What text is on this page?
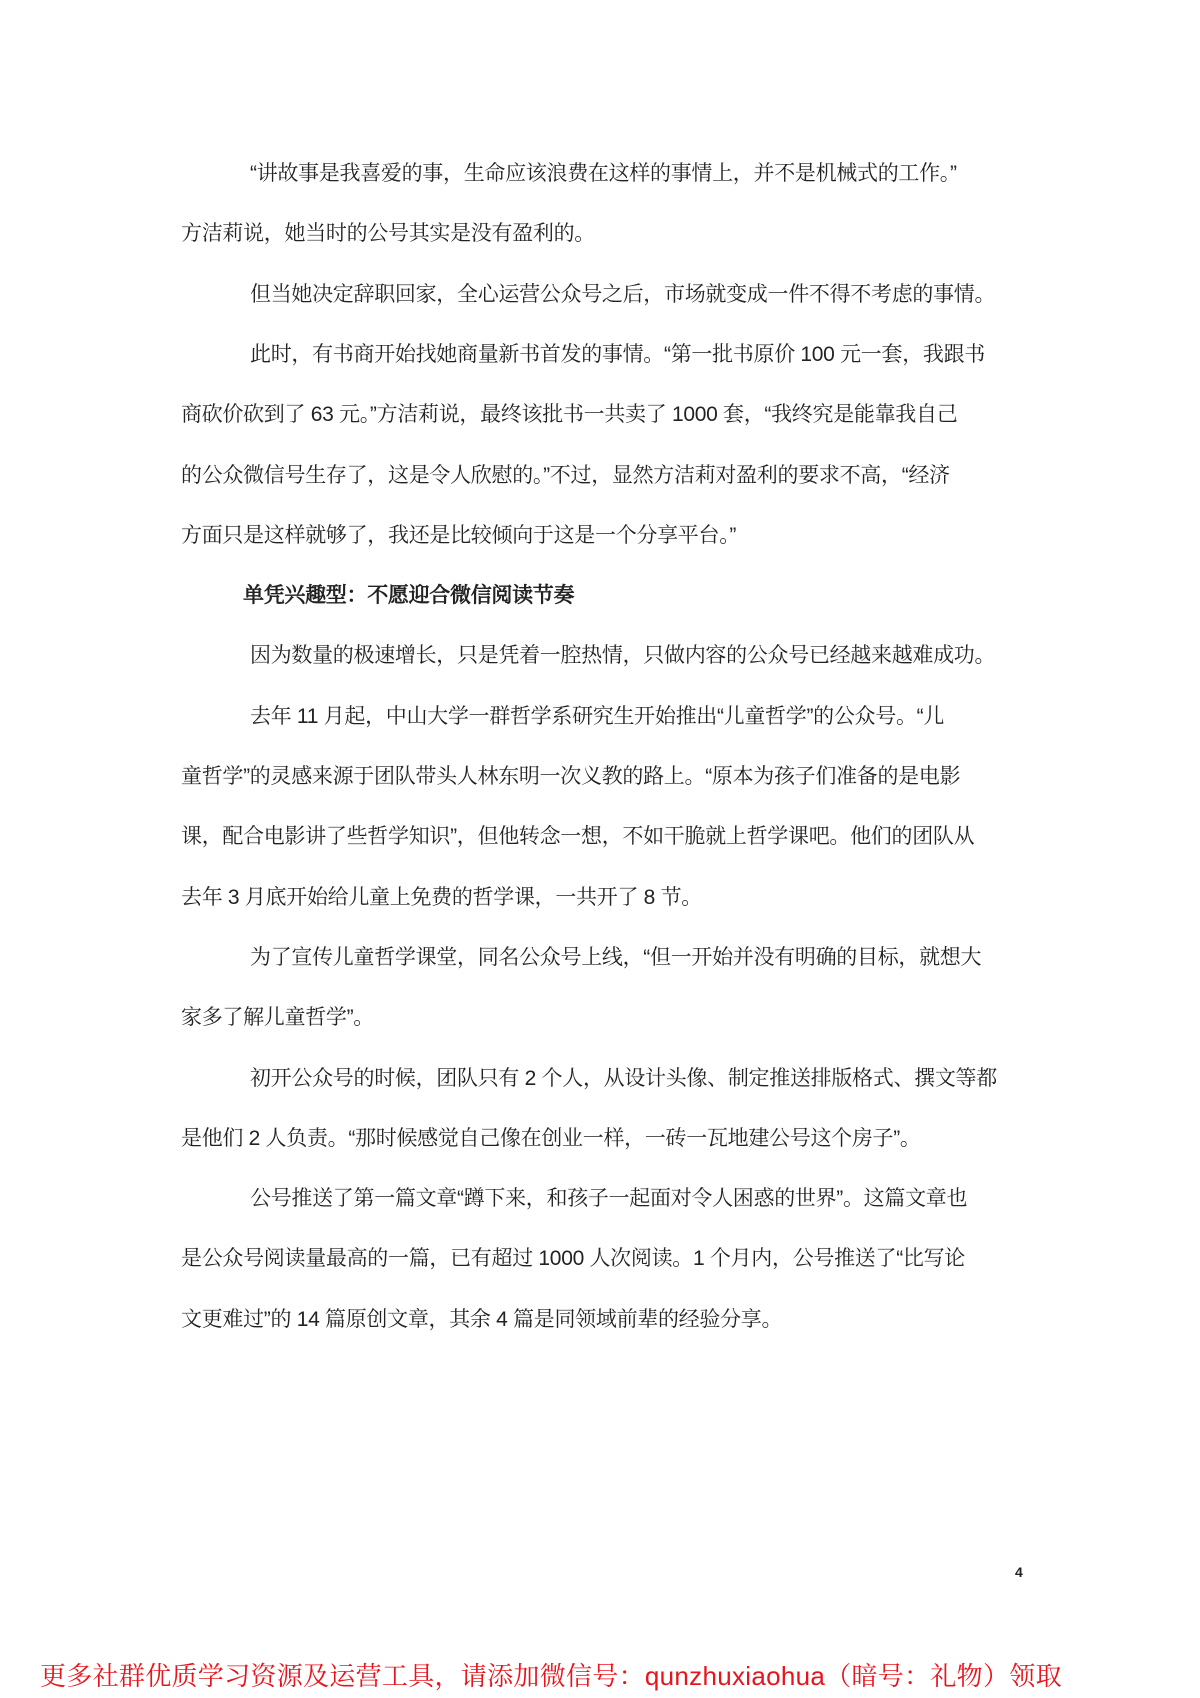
“讲故事是我喜爱的事，生命应该浪费在这样的事情上，并不是机械式的工作。”
方洁莉说，她当时的公号其实是没有盈利的。
但当她决定辞职回家，全心运营公众号之后，市场就变成一件不得不考虑的事情。
此时，有书商开始找她商量新书首发的事情。“第一批书原价 100 元一套，我跟书
商砍价砍到了 63 元。”方洁莉说，最终该批书一共卖了 1000 套，“我终究是能靠我自己
的公众微信号生存了，这是令人欣慰的。”不过，显然方洁莉对盈利的要求不高，“经济
方面只是这样就够了，我还是比较倾向于这是一个分享平台。”
单凭兴趣型：不愿迎合微信阅读节奏
因为数量的极速增长，只是凭着一腔热情，只做内容的公众号已经越来越难成功。
去年 11 月起，中山大学一群哲学系研究生开始推出“儿童哲学”的公众号。“儿
童哲学”的灵感来源于团队带头人林东明一次义教的路上。“原本为孩子们准备的是电影
课，配合电影讲了些哲学知识”，但他转念一想，不如干脆就上哲学课吧。他们的团队从
去年 3 月底开始给儿童上免费的哲学课，一共开了 8 节。
为了宣传儿童哲学课堂，同名公众号上线，“但一开始并没有明确的目标，就想大
家多了解儿童哲学”。
初开公众号的时候，团队只有 2 个人，从设计头像、制定推送排版格式、撰文等都
是他们 2 人负责。“那时候感觉自己像在创业一样，一砖一瓦地建公号这个房子”。
公号推送了第一篇文章“蹲下来，和孩子一起面对令人困惑的世界”。这篇文章也
是公众号阅读量最高的一篇，已有超过 1000 人次阅读。1 个月内，公号推送了“比写论
文更难过”的 14 篇原创文章，其余 4 篇是同领域前辈的经验分享。
4
更多社群优质学习资源及运营工具，请添加微信号：qunzhuxiaohua（暗号：礼物）领取
